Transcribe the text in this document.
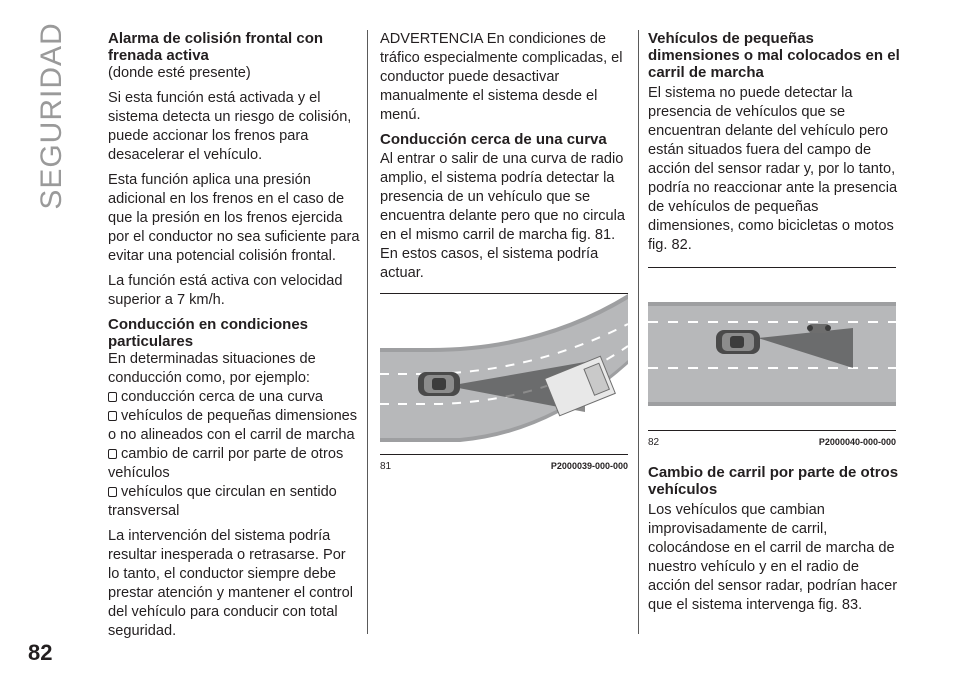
SEGURIDAD
82
Alarma de colisión frontal con frenada activa
(donde esté presente)

Si esta función está activada y el sistema detecta un riesgo de colisión, puede accionar los frenos para desacelerar el vehículo.

Esta función aplica una presión adicional en los frenos en el caso de que la presión en los frenos ejercida por el conductor no sea suficiente para evitar una potencial colisión frontal.

La función está activa con velocidad superior a 7 km/h.

Conducción en condiciones particulares

En determinadas situaciones de conducción como, por ejemplo:

conducción cerca de una curva
vehículos de pequeñas dimensiones o no alineados con el carril de marcha
cambio de carril por parte de otros vehículos
vehículos que circulan en sentido transversal

La intervención del sistema podría resultar inesperada o retrasarse. Por lo tanto, el conductor siempre debe prestar atención y mantener el control del vehículo para conducir con total seguridad.

ADVERTENCIA En condiciones de tráfico especialmente complicadas, el conductor puede desactivar manualmente el sistema desde el menú.

Conducción cerca de una curva

Al entrar o salir de una curva de radio amplio, el sistema podría detectar la presencia de un vehículo que se encuentra delante pero que no circula en el mismo carril de marcha fig. 81. En estos casos, el sistema podría actuar.

81	P2000039-000-000
Vehículos de pequeñas dimensiones o mal colocados en el carril de marcha

El sistema no puede detectar la presencia de vehículos que se encuentran delante del vehículo pero están situados fuera del campo de acción del sensor radar y, por lo tanto, podría no reaccionar ante la presencia de vehículos de pequeñas dimensiones, como bicicletas o motos fig. 82.

82	P2000040-000-000
Cambio de carril por parte de otros vehículos

Los vehículos que cambian improvisadamente de carril, colocándose en el carril de marcha de nuestro vehículo y en el radio de acción del sensor radar, podrían hacer que el sistema intervenga fig. 83.
